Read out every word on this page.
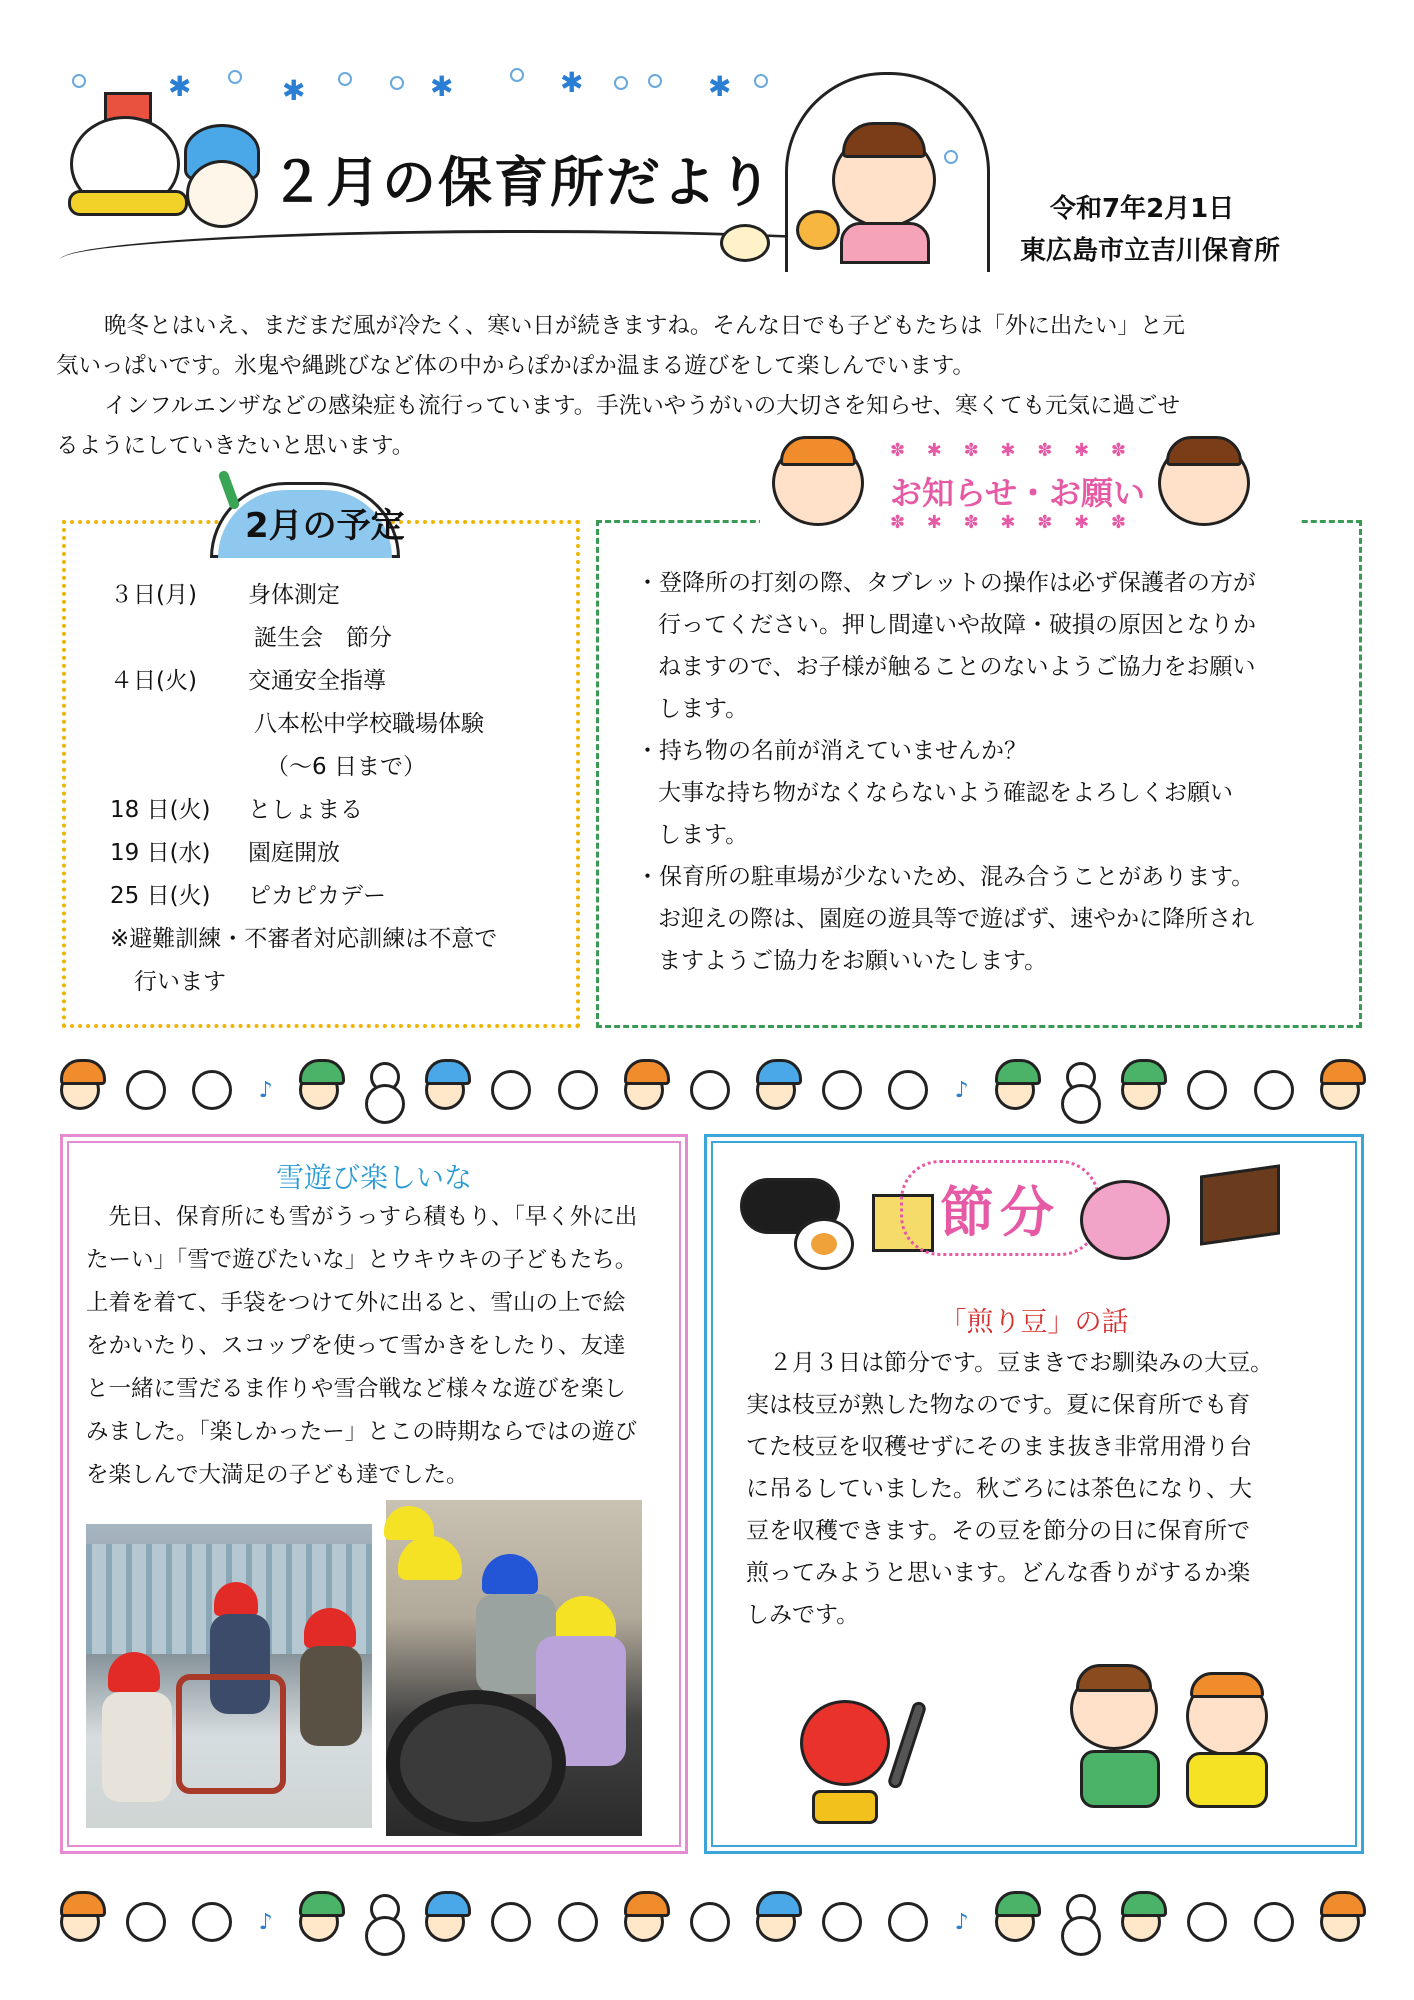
✱	✱	✱	✱	✱
２月の保育所だより	令和7年2月1日
東広島市立吉川保育所

晩冬とはいえ、まだまだ風が冷たく、寒い日が続きますね。そんな日でも子どもたちは「外に出たい」と元
気いっぱいです。氷鬼や縄跳びなど体の中からぽかぽか温まる遊びをして楽しんでいます。

インフルエンザなどの感染症も流行っています。手洗いやうがいの大切さを知らせ、寒くても元気に過ごせ
るようにしていきたいと思います。

2月の予定
３日(月)	身体測定
誕生会　節分
４日(火)	交通安全指導
八本松中学校職場体験
（～6 日まで）
18 日(火)	としょまる
19 日(水)	園庭開放
25 日(火)	ピカピカデー
※避難訓練・不審者対応訓練は不意で
行います
✽ ✱ ✽ ✱ ✽ ✱ ✽
✽ ✱ ✽ ✱ ✽ ✱ ✽
お知らせ・お願い
・登降所の打刻の際、タブレットの操作は必ず保護者の方が
行ってください。押し間違いや故障・破損の原因となりか
ねますので、お子様が触ることのないようご協力をお願い
します。
・持ち物の名前が消えていませんか？
大事な持ち物がなくならないよう確認をよろしくお願い
します。
・保育所の駐車場が少ないため、混み合うことがあります。
お迎えの際は、園庭の遊具等で遊ばず、速やかに降所され
ますようご協力をお願いいたします。
♪	♪
雪遊び楽しいな
　先日、保育所にも雪がうっすら積もり、「早く外に出
たーい」「雪で遊びたいな」とウキウキの子どもたち。
上着を着て、手袋をつけて外に出ると、雪山の上で絵
をかいたり、スコップを使って雪かきをしたり、友達
と一緒に雪だるま作りや雪合戦など様々な遊びを楽し
みました。「楽しかったー」とこの時期ならではの遊び
を楽しんで大満足の子ども達でした。
節分
「煎り豆」の話
　２月３日は節分です。豆まきでお馴染みの大豆。
実は枝豆が熟した物なのです。夏に保育所でも育
てた枝豆を収穫せずにそのまま抜き非常用滑り台
に吊るしていました。秋ごろには茶色になり、大
豆を収穫できます。その豆を節分の日に保育所で
煎ってみようと思います。どんな香りがするか楽
しみです。
♪	♪
